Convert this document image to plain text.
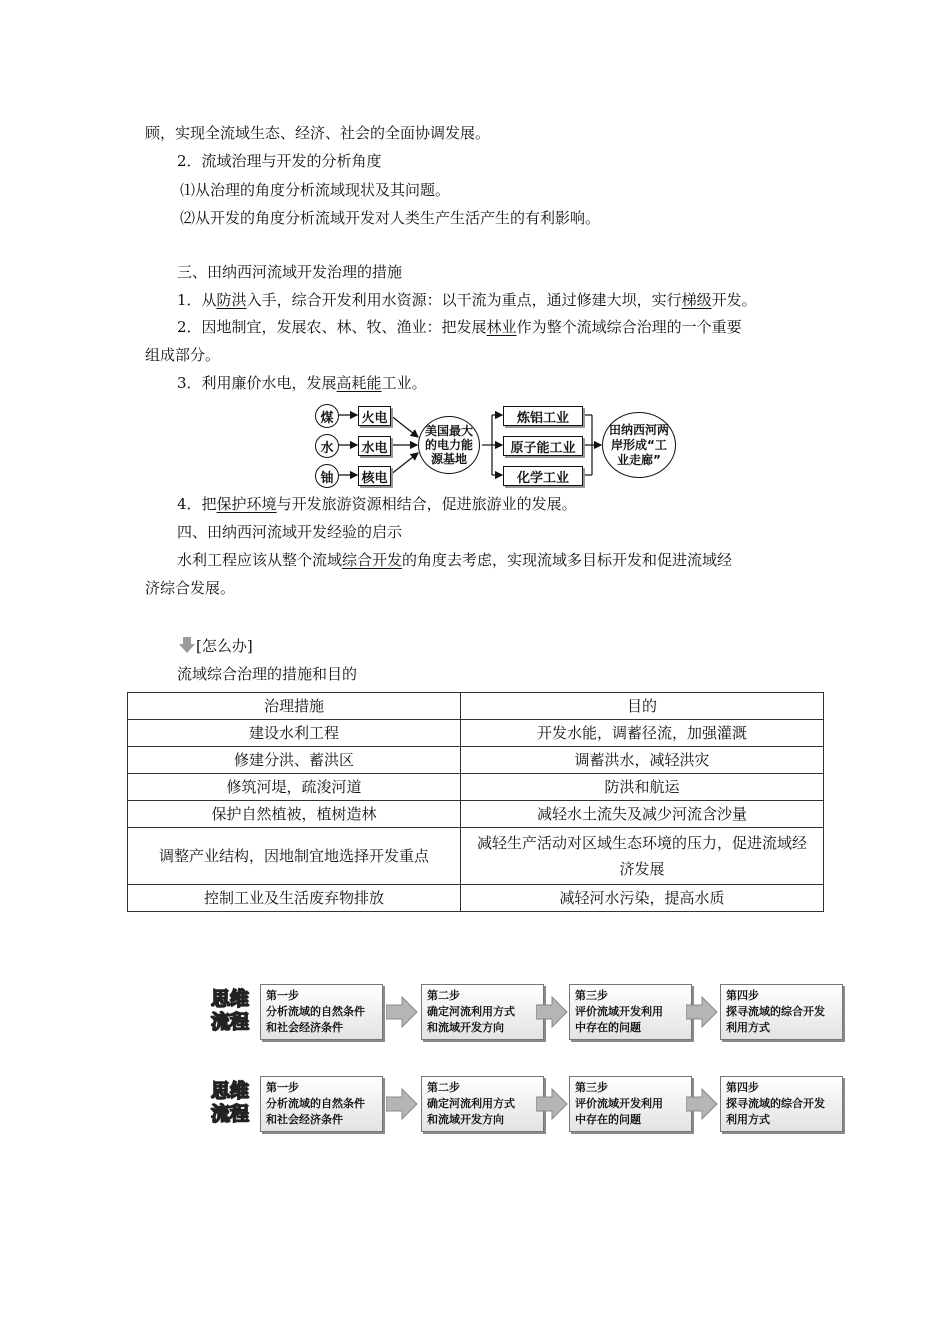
顾，实现全流域生态、经济、社会的全面协调发展。
2．流域治理与开发的分析角度
⑴从治理的角度分析流域现状及其问题。
⑵从开发的角度分析流域开发对人类生产生活产生的有利影响。
三、田纳西河流域开发治理的措施
1．从防洪入手，综合开发利用水资源：以干流为重点，通过修建大坝，实行梯级开发。
2．因地制宜，发展农、林、牧、渔业：把发展林业作为整个流域综合治理的一个重要
组成部分。
3．利用廉价水电，发展高耗能工业。
煤
水
铀
火电
水电
核电
美国最大的电力能源基地
炼铝工业
原子能工业
化学工业
田纳西河两岸形成“工业走廊”
4．把保护环境与开发旅游资源相结合，促进旅游业的发展。
四、田纳西河流域开发经验的启示
水利工程应该从整个流域综合开发的角度去考虑，实现流域多目标开发和促进流域经
济综合发展。
[怎么办]
流域综合治理的措施和目的
治理措施	目的
建设水利工程	开发水能，调蓄径流，加强灌溉
修建分洪、蓄洪区	调蓄洪水，减轻洪灾
修筑河堤，疏浚河道	防洪和航运
保护自然植被，植树造林	减轻水土流失及减少河流含沙量
调整产业结构，因地制宜地选择开发重点	减轻生产活动对区域生态环境的压力，促进流域经济发展
控制工业及生活废弃物排放	减轻河水污染，提高水质
思维
流程
第一步
分析流域的自然条件
和社会经济条件
第二步
确定河流利用方式
和流域开发方向
第三步
评价流域开发利用
中存在的问题
第四步
探寻流域的综合开发
利用方式
思维
流程
第一步
分析流域的自然条件
和社会经济条件
第二步
确定河流利用方式
和流域开发方向
第三步
评价流域开发利用
中存在的问题
第四步
探寻流域的综合开发
利用方式
